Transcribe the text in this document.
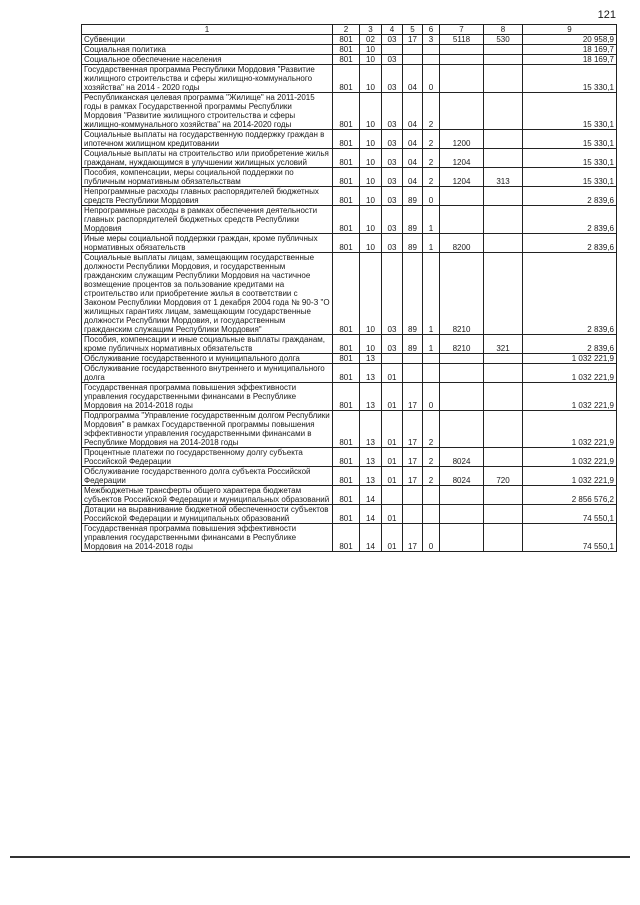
121
1	2	3	4	5	6	7	8	9
Субвенции	801	02	03	17	3	5118	530	20 958,9
Социальная политика	801	10						18 169,7
Социальное обеспечение населения	801	10	03					18 169,7
Государственная программа Республики Мордовия "Развитие жилищного строительства и сферы жилищно-коммунального хозяйства" на 2014 - 2020 годы	801	10	03	04	0			15 330,1
Республиканская целевая программа "Жилище" на 2011-2015 годы в рамках Государственной программы Республики Мордовия "Развитие жилищного строительства и сферы жилищно-коммунального хозяйства" на 2014-2020 годы	801	10	03	04	2			15 330,1
Социальные выплаты на государственную поддержку граждан в ипотечном жилищном кредитовании	801	10	03	04	2	1200		15 330,1
Социальные выплаты на строительство или приобретение жилья гражданам, нуждающимся в улучшении жилищных условий	801	10	03	04	2	1204		15 330,1
Пособия, компенсации, меры социальной поддержки по публичным нормативным обязательствам	801	10	03	04	2	1204	313	15 330,1
Непрограммные расходы главных распорядителей бюджетных средств Республики Мордовия	801	10	03	89	0			2 839,6
Непрограммные расходы в рамках обеспечения деятельности главных распорядителей бюджетных средств Республики Мордовия	801	10	03	89	1			2 839,6
Иные меры социальной поддержки граждан, кроме публичных нормативных обязательств	801	10	03	89	1	8200		2 839,6
Социальные выплаты лицам, замещающим государственные должности Республики Мордовия, и государственным гражданским служащим Республики Мордовия на частичное возмещение процентов за пользование кредитами на строительство или приобретение жилья в соответствии с Законом Республики Мордовия от 1 декабря 2004 года № 90-З "О жилищных гарантиях лицам, замещающим государственные должности Республики Мордовия, и государственным гражданским служащим Республики Мордовия"	801	10	03	89	1	8210		2 839,6
Пособия, компенсации и иные социальные выплаты гражданам, кроме публичных нормативных обязательств	801	10	03	89	1	8210	321	2 839,6
Обслуживание государственного и муниципального долга	801	13						1 032 221,9
Обслуживание государственного внутреннего и муниципального долга	801	13	01					1 032 221,9
Государственная программа повышения эффективности управления государственными финансами в Республике Мордовия на 2014-2018 годы	801	13	01	17	0			1 032 221,9
Подпрограмма "Управление государственным долгом Республики Мордовия" в рамках Государственной программы повышения эффективности управления государственными финансами в Республике Мордовия на 2014-2018 годы	801	13	01	17	2			1 032 221,9
Процентные платежи по государственному долгу субъекта Российской Федерации	801	13	01	17	2	8024		1 032 221,9
Обслуживание государственного долга субъекта Российской Федерации	801	13	01	17	2	8024	720	1 032 221,9
Межбюджетные трансферты общего характера бюджетам субъектов Российской Федерации и муниципальных образований	801	14						2 856 576,2
Дотации на выравнивание бюджетной обеспеченности субъектов Российской Федерации и муниципальных образований	801	14	01					74 550,1
Государственная программа повышения эффективности управления государственными финансами в Республике Мордовия на 2014-2018 годы	801	14	01	17	0			74 550,1
